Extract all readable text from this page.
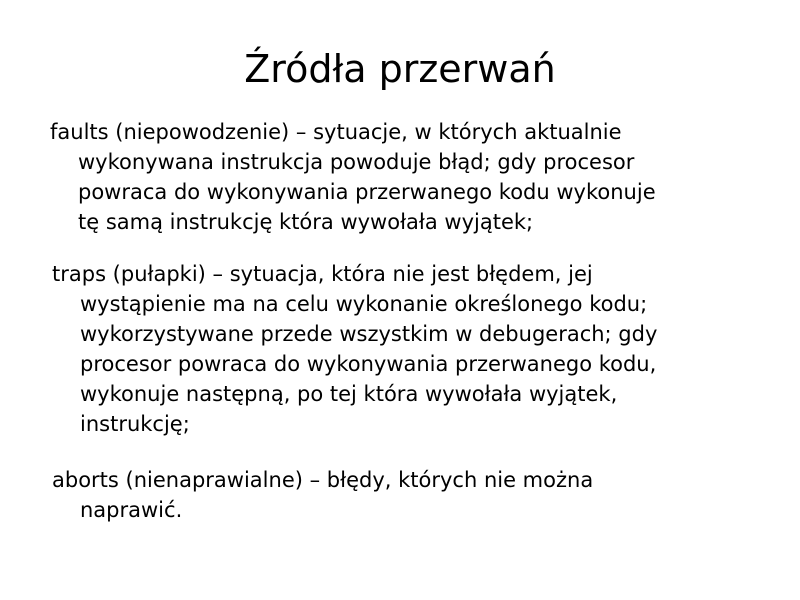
Źródła przerwań

faults (niepowodzenie) – sytuacje, w których aktualnie
wykonywana instrukcja powoduje błąd; gdy procesor
powraca do wykonywania przerwanego kodu wykonuje
tę samą instrukcję która wywołała wyjątek;

traps (pułapki) – sytuacja, która nie jest błędem, jej
wystąpienie ma na celu wykonanie określonego kodu;
wykorzystywane przede wszystkim w debugerach; gdy
procesor powraca do wykonywania przerwanego kodu,
wykonuje następną, po tej która wywołała wyjątek,
instrukcję;

aborts (nienaprawialne) – błędy, których nie można
naprawić.
